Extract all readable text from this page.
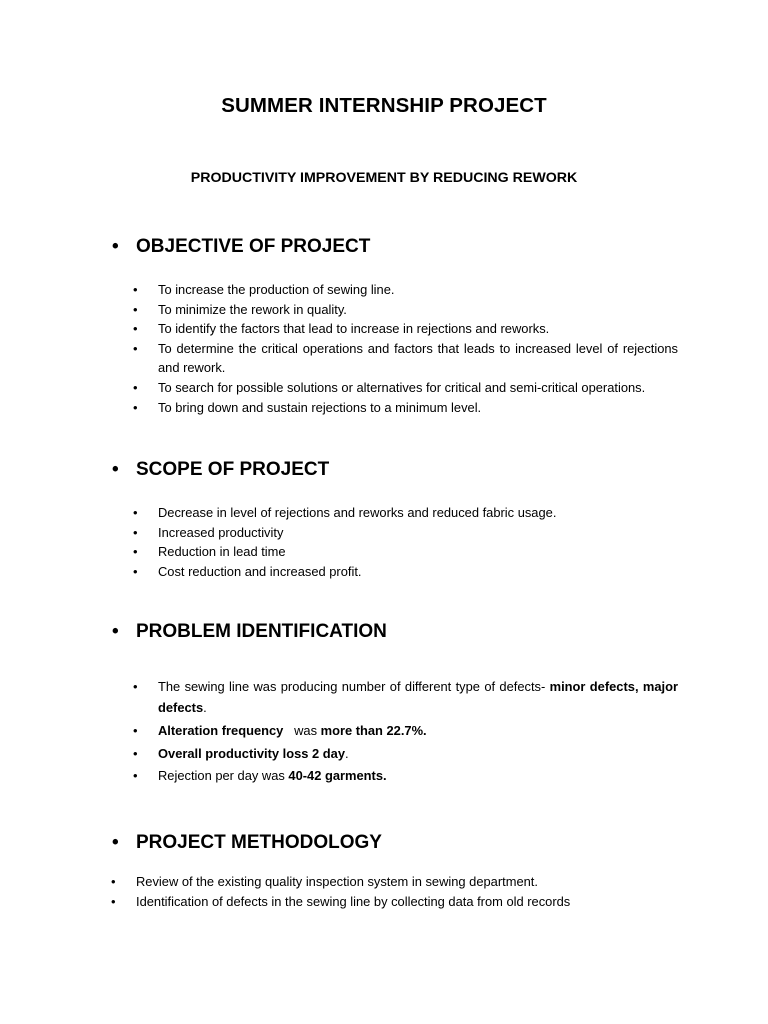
SUMMER INTERNSHIP PROJECT
PRODUCTIVITY IMPROVEMENT BY REDUCING REWORK
• OBJECTIVE OF PROJECT
• To increase the production of sewing line.
• To minimize the rework in quality.
• To identify the factors that lead to increase in rejections and reworks.
• To determine the critical operations and factors that leads to increased level of rejections and rework.
• To search for possible solutions or alternatives for critical and semi-critical operations.
• To bring down and sustain rejections to a minimum level.
• SCOPE OF PROJECT
• Decrease in level of rejections and reworks and reduced fabric usage.
• Increased productivity
• Reduction in lead time
• Cost reduction and increased profit.
• PROBLEM IDENTIFICATION
• The sewing line was producing number of different type of defects- minor defects, major defects.
• Alteration frequency   was more than 22.7%.
• Overall productivity loss 2 day.
• Rejection per day was 40-42 garments.
• PROJECT METHODOLOGY
• Review of the existing quality inspection system in sewing department.
• Identification of defects in the sewing line by collecting data from old records
